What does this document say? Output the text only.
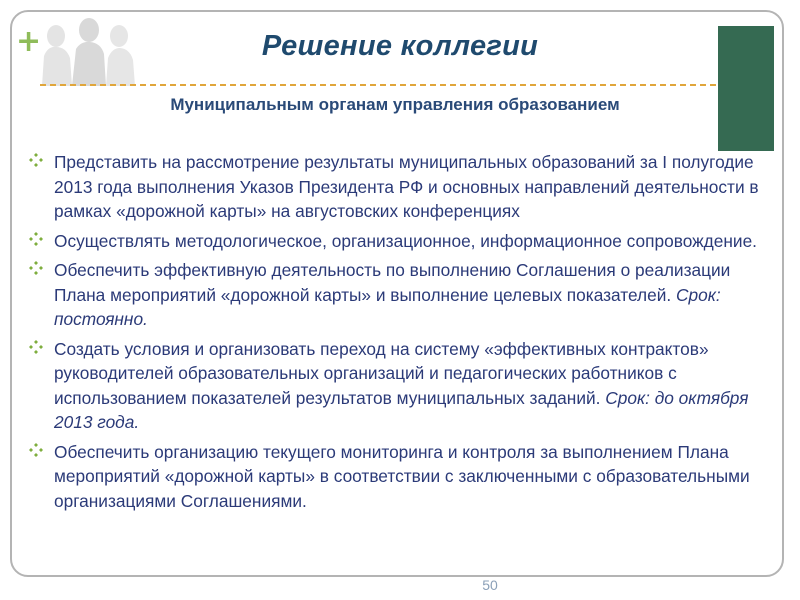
+	Решение коллегии
Муниципальным органам управления образованием
Представить на рассмотрение результаты муниципальных образований за I полугодие 2013 года выполнения Указов Президента РФ и основных направлений деятельности в рамках «дорожной карты» на августовских конференциях
Осуществлять методологическое, организационное, информационное сопровождение.
Обеспечить эффективную деятельность по выполнению Соглашения о реализации Плана мероприятий «дорожной карты» и выполнение целевых показателей. Срок: постоянно.
Создать условия и организовать переход на систему «эффективных контрактов» руководителей образовательных организаций и педагогических работников с использованием показателей результатов муниципальных заданий. Срок: до октября 2013 года.
Обеспечить организацию текущего мониторинга и контроля за выполнением Плана мероприятий «дорожной карты» в соответствии с заключенными с образовательными организациями Соглашениями.
50
